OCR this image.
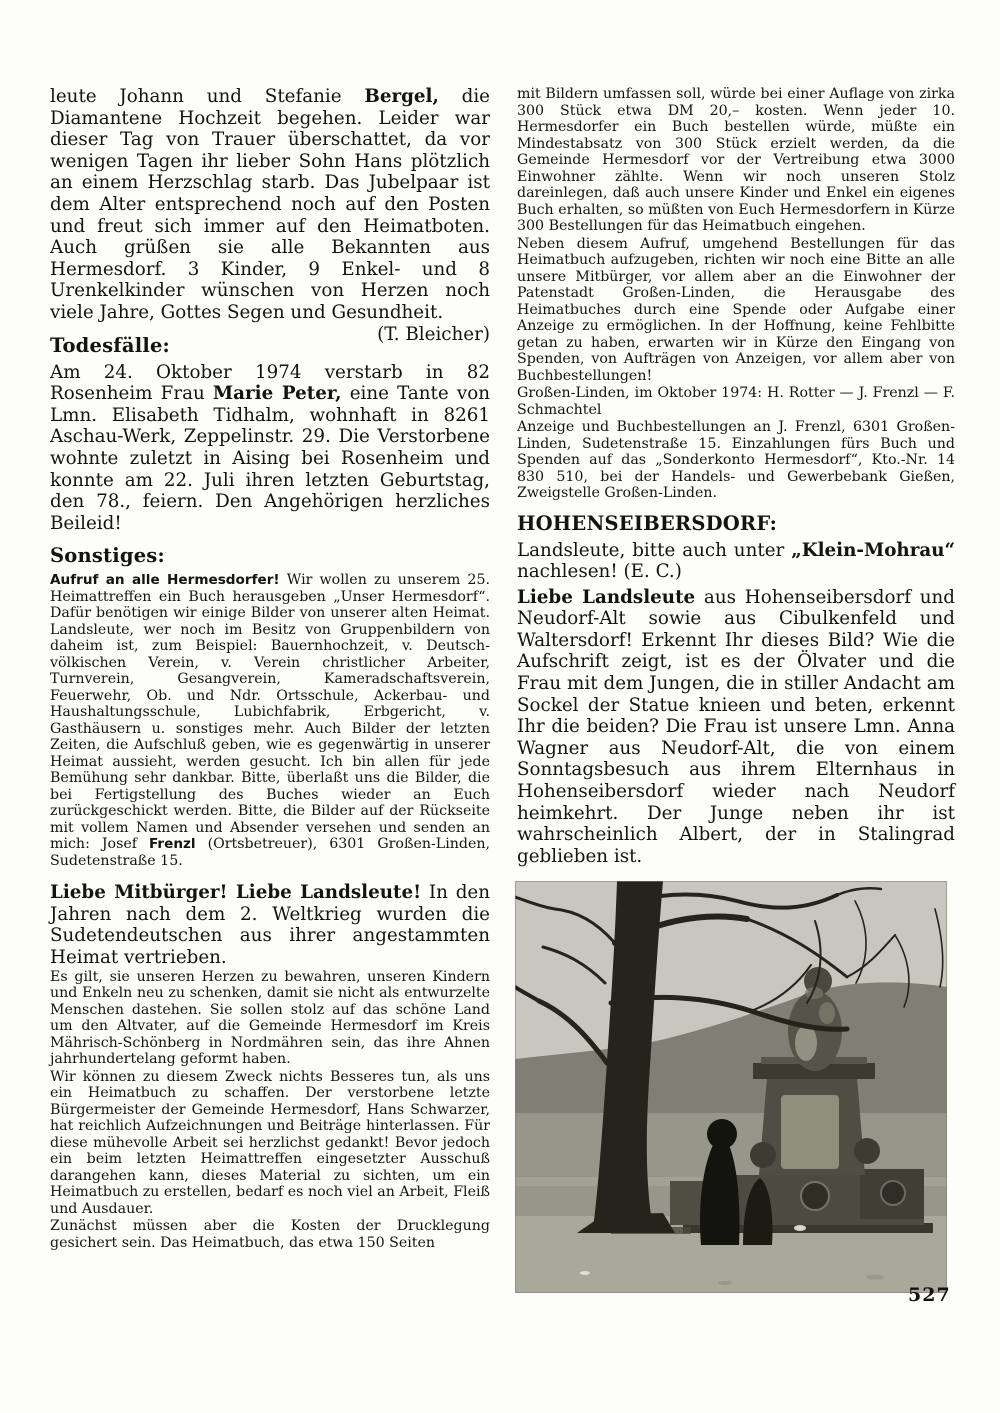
leute Johann und Stefanie Bergel, die Diamantene Hochzeit begehen. Leider war dieser Tag von Trauer überschattet, da vor wenigen Tagen ihr lieber Sohn Hans plötzlich an einem Herzschlag starb. Das Jubelpaar ist dem Alter entsprechend noch auf den Posten und freut sich immer auf den Heimatboten. Auch grüßen sie alle Bekannten aus Hermesdorf. 3 Kinder, 9 Enkel- und 8 Urenkelkinder wünschen von Herzen noch viele Jahre, Gottes Segen und Gesundheit.
(T. Bleicher)

Todesfälle:

Am 24. Oktober 1974 verstarb in 82 Rosenheim Frau Marie Peter, eine Tante von Lmn. Elisabeth Tidhalm, wohnhaft in 8261 Aschau-Werk, Zeppelinstr. 29. Die Verstorbene wohnte zuletzt in Aising bei Rosenheim und konnte am 22. Juli ihren letzten Geburtstag, den 78., feiern. Den Angehörigen herzliches Beileid!

Sonstiges:

Aufruf an alle Hermesdorfer! Wir wollen zu unserem 25. Heimattreffen ein Buch herausgeben „Unser Hermesdorf“. Dafür benötigen wir einige Bilder von unserer alten Heimat. Landsleute, wer noch im Besitz von Gruppenbildern von daheim ist, zum Beispiel: Bauernhochzeit, v. Deutsch-völkischen Verein, v. Verein christlicher Arbeiter, Turnverein, Gesangverein, Kameradschaftsverein, Feuerwehr, Ob. und Ndr. Ortsschule, Ackerbau- und Haushaltungsschule, Lubichfabrik, Erbgericht, v. Gasthäusern u. sonstiges mehr. Auch Bilder der letzten Zeiten, die Aufschluß geben, wie es gegenwärtig in unserer Heimat aussieht, werden gesucht. Ich bin allen für jede Bemühung sehr dankbar. Bitte, überlaßt uns die Bilder, die bei Fertigstellung des Buches wieder an Euch zurückgeschickt werden. Bitte, die Bilder auf der Rückseite mit vollem Namen und Absender versehen und senden an mich: Josef Frenzl (Ortsbetreuer), 6301 Großen-Linden, Sudetenstraße 15.

Liebe Mitbürger! Liebe Landsleute! In den Jahren nach dem 2. Weltkrieg wurden die Sudetendeutschen aus ihrer angestammten Heimat vertrieben.

Es gilt, sie unseren Herzen zu bewahren, unseren Kindern und Enkeln neu zu schenken, damit sie nicht als entwurzelte Menschen dastehen. Sie sollen stolz auf das schöne Land um den Altvater, auf die Gemeinde Hermesdorf im Kreis Mährisch-Schönberg in Nordmähren sein, das ihre Ahnen jahrhundertelang geformt haben.

Wir können zu diesem Zweck nichts Besseres tun, als uns ein Heimatbuch zu schaffen. Der verstorbene letzte Bürgermeister der Gemeinde Hermesdorf, Hans Schwarzer, hat reichlich Aufzeichnungen und Beiträge hinterlassen. Für diese mühevolle Arbeit sei herzlichst gedankt! Bevor jedoch ein beim letzten Heimattreffen eingesetzter Ausschuß darangehen kann, dieses Material zu sichten, um ein Heimatbuch zu erstellen, bedarf es noch viel an Arbeit, Fleiß und Ausdauer.

Zunächst müssen aber die Kosten der Drucklegung gesichert sein. Das Heimatbuch, das etwa 150 Seiten

mit Bildern umfassen soll, würde bei einer Auflage von zirka 300 Stück etwa DM 20,– kosten. Wenn jeder 10. Hermesdorfer ein Buch bestellen würde, müßte ein Mindestabsatz von 300 Stück erzielt werden, da die Gemeinde Hermesdorf vor der Vertreibung etwa 3000 Einwohner zählte. Wenn wir noch unseren Stolz dareinlegen, daß auch unsere Kinder und Enkel ein eigenes Buch erhalten, so müßten von Euch Hermesdorfern in Kürze 300 Bestellungen für das Heimatbuch eingehen.

Neben diesem Aufruf, umgehend Bestellungen für das Heimatbuch aufzugeben, richten wir noch eine Bitte an alle unsere Mitbürger, vor allem aber an die Einwohner der Patenstadt Großen-Linden, die Herausgabe des Heimatbuches durch eine Spende oder Aufgabe einer Anzeige zu ermöglichen. In der Hoffnung, keine Fehlbitte getan zu haben, erwarten wir in Kürze den Eingang von Spenden, von Aufträgen von Anzeigen, vor allem aber von Buchbestellungen!

Großen-Linden, im Oktober 1974: H. Rotter — J. Frenzl — F. Schmachtel

Anzeige und Buchbestellungen an J. Frenzl, 6301 Großen-Linden, Sudetenstraße 15. Einzahlungen fürs Buch und Spenden auf das „Sonderkonto Hermesdorf“, Kto.-Nr. 14 830 510, bei der Handels- und Gewerbebank Gießen, Zweigstelle Großen-Linden.

HOHENSEIBERSDORF:

Landsleute, bitte auch unter „Klein-Mohrau“ nachlesen! (E. C.)

Liebe Landsleute aus Hohenseibersdorf und Neudorf-Alt sowie aus Cibulkenfeld und Waltersdorf! Erkennt Ihr dieses Bild? Wie die Aufschrift zeigt, ist es der Ölvater und die Frau mit dem Jungen, die in stiller Andacht am Sockel der Statue knieen und beten, erkennt Ihr die beiden? Die Frau ist unsere Lmn. Anna Wagner aus Neudorf-Alt, die von einem Sonntagsbesuch aus ihrem Elternhaus in Hohenseibersdorf wieder nach Neudorf heimkehrt. Der Junge neben ihr ist wahrscheinlich Albert, der in Stalingrad geblieben ist.

527
